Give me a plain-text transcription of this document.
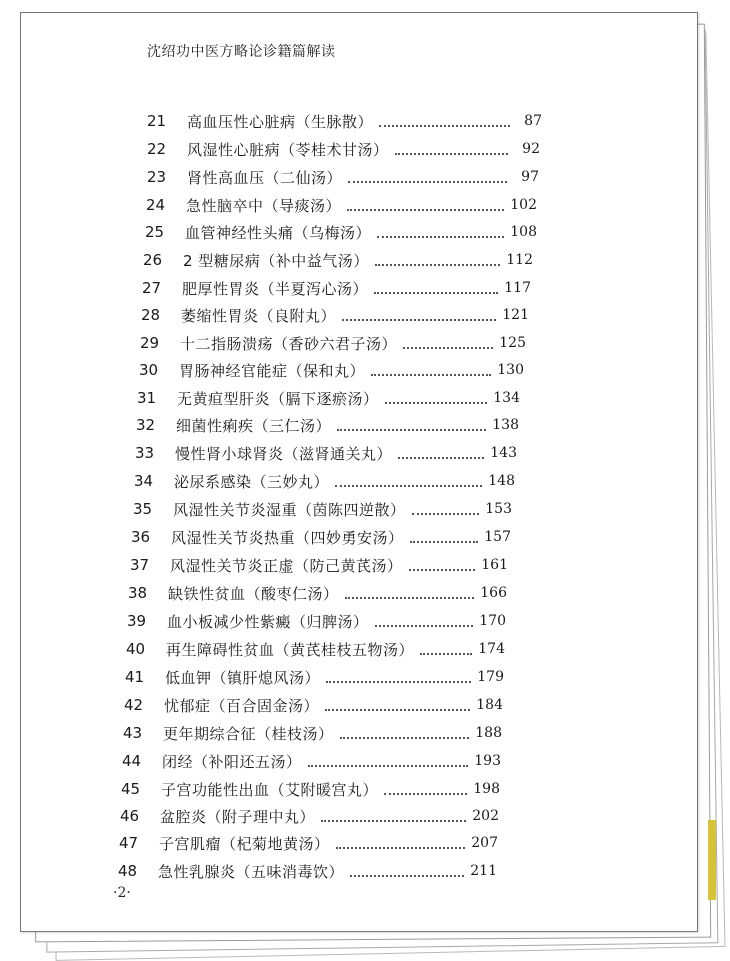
沈绍功中医方略论诊籍篇解读
21	高血压性心脏病（生脉散）	87
22	风湿性心脏病（苓桂术甘汤）	92
23	肾性高血压（二仙汤）	97
24	急性脑卒中（导痰汤）	102
25	血管神经性头痛（乌梅汤）	108
26	2 型糖尿病（补中益气汤）	112
27	肥厚性胃炎（半夏泻心汤）	117
28	萎缩性胃炎（良附丸）	121
29	十二指肠溃疡（香砂六君子汤）	125
30	胃肠神经官能症（保和丸）	130
31	无黄疸型肝炎（膈下逐瘀汤）	134
32	细菌性痢疾（三仁汤）	138
33	慢性肾小球肾炎（滋肾通关丸）	143
34	泌尿系感染（三妙丸）	148
35	风湿性关节炎湿重（茵陈四逆散）	153
36	风湿性关节炎热重（四妙勇安汤）	157
37	风湿性关节炎正虚（防己黄芪汤）	161
38	缺铁性贫血（酸枣仁汤）	166
39	血小板减少性紫癜（归脾汤）	170
40	再生障碍性贫血（黄芪桂枝五物汤）	174
41	低血钾（镇肝熄风汤）	179
42	忧郁症（百合固金汤）	184
43	更年期综合征（桂枝汤）	188
44	闭经（补阳还五汤）	193
45	子宫功能性出血（艾附暖宫丸）	198
46	盆腔炎（附子理中丸）	202
47	子宫肌瘤（杞菊地黄汤）	207
48	急性乳腺炎（五味消毒饮）	211
·2·
